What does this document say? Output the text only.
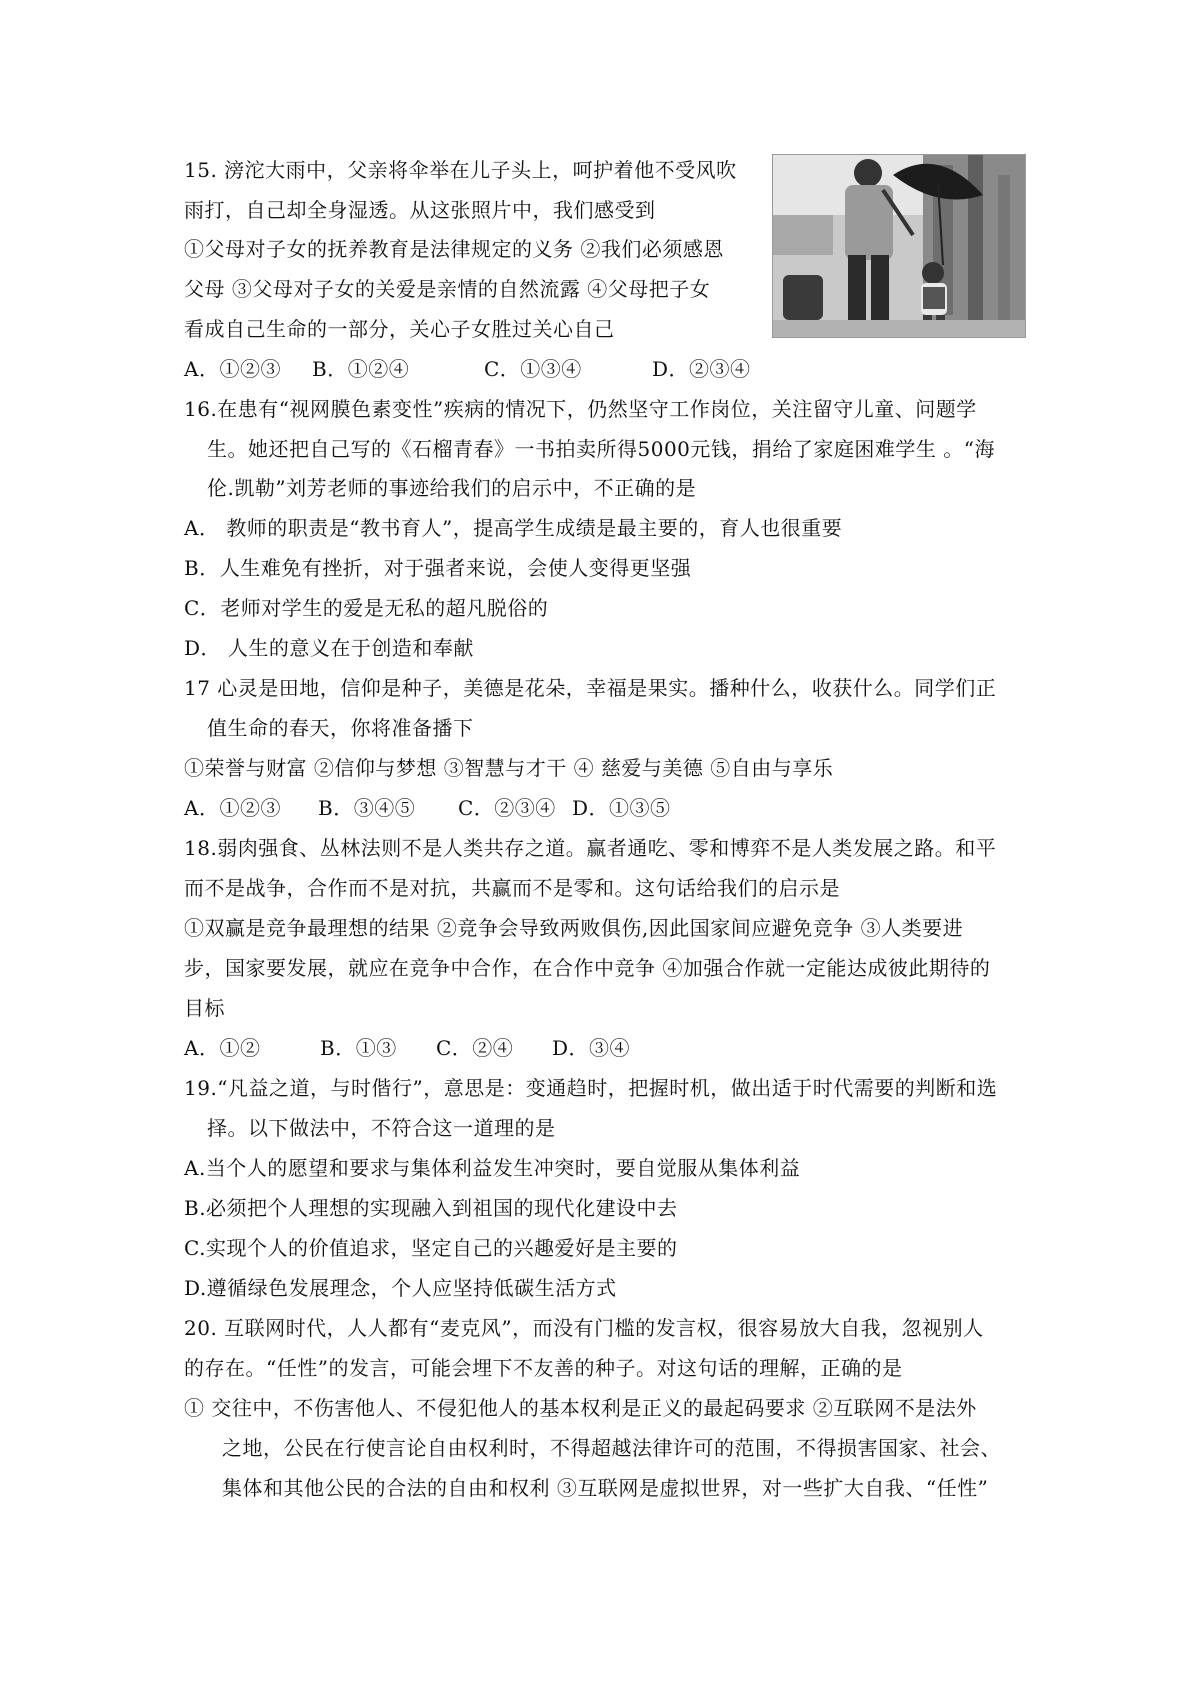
15. 滂沱大雨中，父亲将伞举在儿子头上，呵护着他不受风吹
雨打，自己却全身湿透。从这张照片中，我们感受到
①父母对子女的抚养教育是法律规定的义务 ②我们必须感恩
父母 ③父母对子女的关爱是亲情的自然流露 ④父母把子女
看成自己生命的一部分，关心子女胜过关心自己
A．①②③ B．①②④	C．①③④	D．②③④
16.在患有“视网膜色素变性”疾病的情况下，仍然坚守工作岗位，关注留守儿童、问题学
生。她还把自己写的《石榴青春》一书拍卖所得5000元钱，捐给了家庭困难学生 。“海
伦.凯勒”刘芳老师的事迹给我们的启示中，不正确的是
A． 教师的职责是“教书育人”，提高学生成绩是最主要的，育人也很重要
B．人生难免有挫折，对于强者来说，会使人变得更坚强
C．老师对学生的爱是无私的超凡脱俗的
D． 人生的意义在于创造和奉献
17 心灵是田地，信仰是种子，美德是花朵，幸福是果实。播种什么，收获什么。同学们正
值生命的春天，你将准备播下
①荣誉与财富 ②信仰与梦想 ③智慧与才干 ④ 慈爱与美德 ⑤自由与享乐
A．①②③ B．③④⑤ C．②③④ D．①③⑤
18.弱肉强食、丛林法则不是人类共存之道。赢者通吃、零和博弈不是人类发展之路。和平
而不是战争，合作而不是对抗，共赢而不是零和。这句话给我们的启示是
①双赢是竞争最理想的结果 ②竞争会导致两败俱伤,因此国家间应避免竞争 ③人类要进
步，国家要发展，就应在竞争中合作，在合作中竞争 ④加强合作就一定能达成彼此期待的
目标
A．①②	B．①③ C．②④ D．③④
19.“凡益之道，与时偕行”，意思是：变通趋时，把握时机，做出适于时代需要的判断和选
择。以下做法中，不符合这一道理的是
A.当个人的愿望和要求与集体利益发生冲突时，要自觉服从集体利益
B.必须把个人理想的实现融入到祖国的现代化建设中去
C.实现个人的价值追求，坚定自己的兴趣爱好是主要的
D.遵循绿色发展理念，个人应坚持低碳生活方式
20. 互联网时代，人人都有“麦克风”，而没有门槛的发言权，很容易放大自我，忽视别人
的存在。“任性”的发言，可能会埋下不友善的种子。对这句话的理解，正确的是
① 交往中，不伤害他人、不侵犯他人的基本权利是正义的最起码要求 ②互联网不是法外
之地，公民在行使言论自由权利时，不得超越法律许可的范围，不得损害国家、社会、
集体和其他公民的合法的自由和权利 ③互联网是虚拟世界，对一些扩大自我、“任性”
